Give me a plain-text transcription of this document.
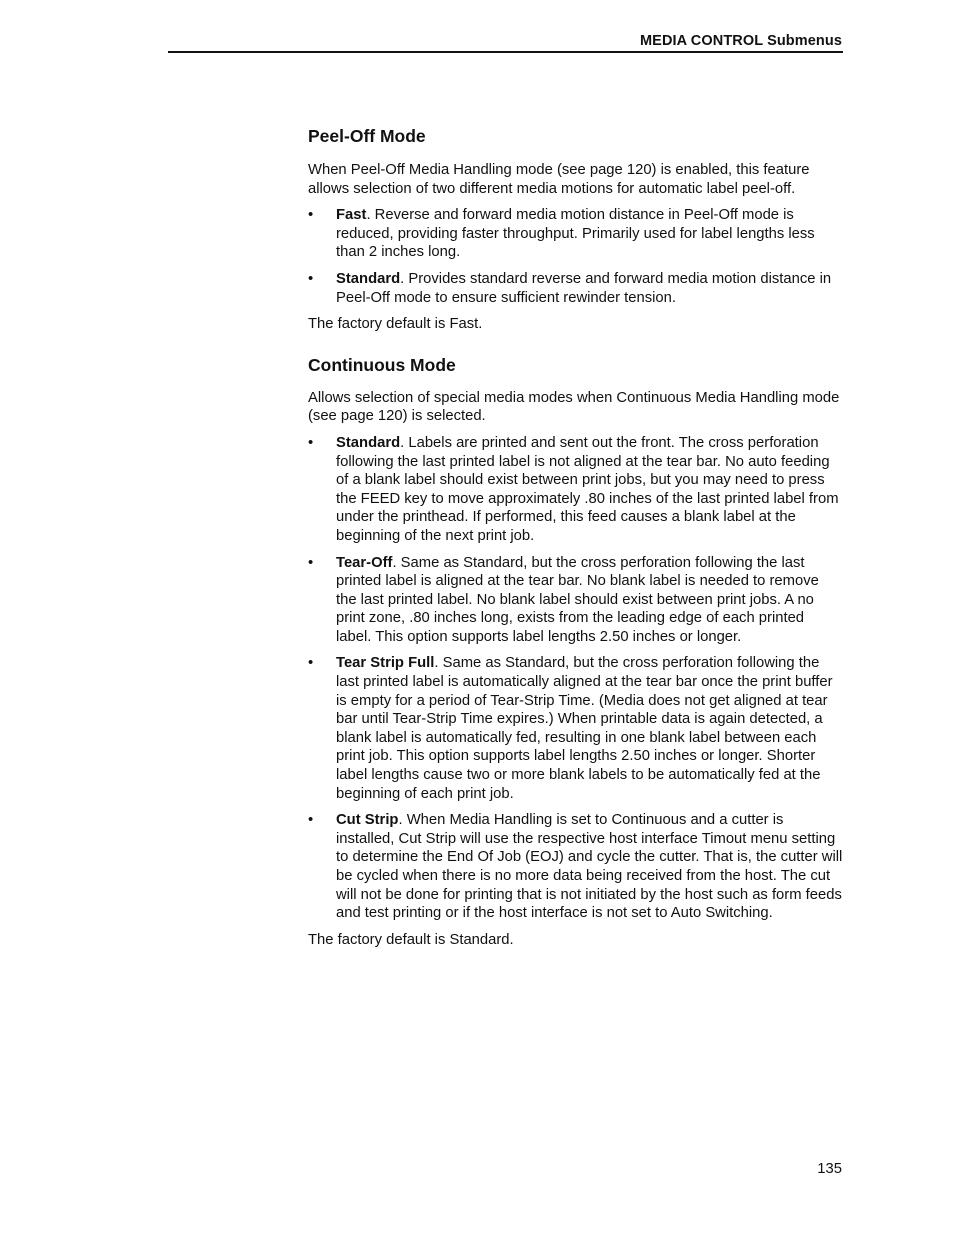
MEDIA CONTROL Submenus
Peel-Off Mode

When Peel-Off Media Handling mode (see page 120) is enabled, this feature allows selection of two different media motions for automatic label peel-off.

• Fast. Reverse and forward media motion distance in Peel-Off mode is reduced, providing faster throughput. Primarily used for label lengths less than 2 inches long.
• Standard. Provides standard reverse and forward media motion distance in Peel-Off mode to ensure sufficient rewinder tension.

The factory default is Fast.

Continuous Mode

Allows selection of special media modes when Continuous Media Handling mode (see page 120) is selected.

• Standard. Labels are printed and sent out the front. The cross perforation following the last printed label is not aligned at the tear bar. No auto feeding of a blank label should exist between print jobs, but you may need to press the FEED key to move approximately .80 inches of the last printed label from under the printhead. If performed, this feed causes a blank label at the beginning of the next print job.
• Tear-Off. Same as Standard, but the cross perforation following the last printed label is aligned at the tear bar. No blank label is needed to remove the last printed label. No blank label should exist between print jobs. A no print zone, .80 inches long, exists from the leading edge of each printed label. This option supports label lengths 2.50 inches or longer.
• Tear Strip Full. Same as Standard, but the cross perforation following the last printed label is automatically aligned at the tear bar once the print buffer is empty for a period of Tear-Strip Time. (Media does not get aligned at tear bar until Tear-Strip Time expires.) When printable data is again detected, a blank label is automatically fed, resulting in one blank label between each print job. This option supports label lengths 2.50 inches or longer. Shorter label lengths cause two or more blank labels to be automatically fed at the beginning of each print job.
• Cut Strip. When Media Handling is set to Continuous and a cutter is installed, Cut Strip will use the respective host interface Timout menu setting to determine the End Of Job (EOJ) and cycle the cutter. That is, the cutter will be cycled when there is no more data being received from the host. The cut will not be done for printing that is not initiated by the host such as form feeds and test printing or if the host interface is not set to Auto Switching.

The factory default is Standard.

135
